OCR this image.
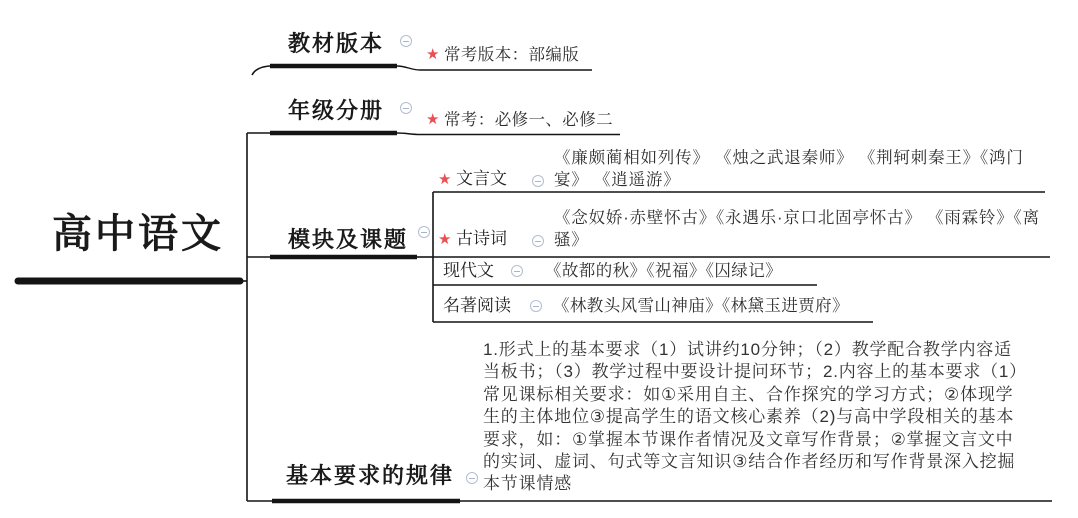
高中语文
教材版本	★ 常考版本：部编版
年级分册	★ 常考：必修一、必修二
模块及课题
★ 文言文
《廉颇蔺相如列传》 《烛之武退秦师》 《荆轲刺秦王》《鸿门宴》 《逍遥游》
★ 古诗词
《念奴娇·赤壁怀古》《永遇乐·京口北固亭怀古》 《雨霖铃》《离骚》
现代文	《故都的秋》《祝福》《囚绿记》
名著阅读	《林教头风雪山神庙》《林黛玉进贾府》
基本要求的规律
1.形式上的基本要求（1）试讲约10分钟；（2）教学配合教学内容适当板书；（3）教学过程中要设计提问环节；2.内容上的基本要求（1）常见课标相关要求：如①采用自主、合作探究的学习方式；②体现学生的主体地位③提高学生的语文核心素养（2)与高中学段相关的基本要求，如：①掌握本节课作者情况及文章写作背景；②掌握文言文中的实词、虚词、句式等文言知识③结合作者经历和写作背景深入挖掘本节课情感
